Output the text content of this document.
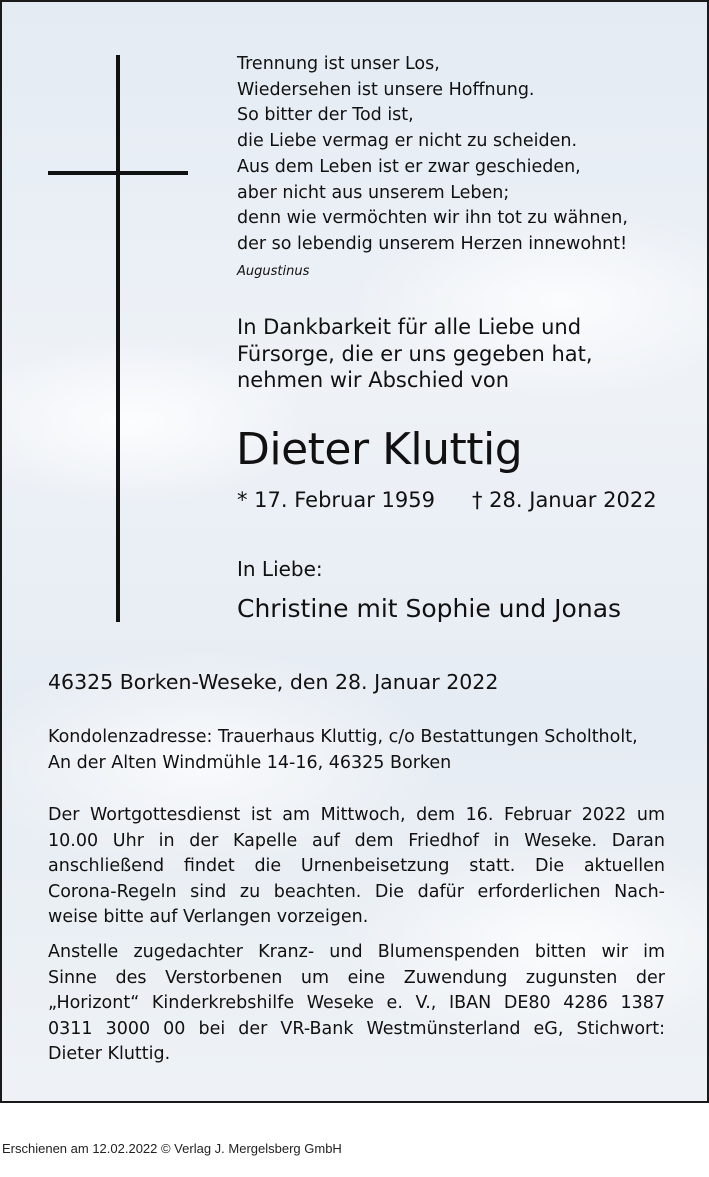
Trennung ist unser Los,
Wiedersehen ist unsere Hoffnung.
So bitter der Tod ist,
die Liebe vermag er nicht zu scheiden.
Aus dem Leben ist er zwar geschieden,
aber nicht aus unserem Leben;
denn wie vermöchten wir ihn tot zu wähnen,
der so lebendig unserem Herzen innewohnt!
Augustinus
In Dankbarkeit für alle Liebe und
Fürsorge, die er uns gegeben hat,
nehmen wir Abschied von
Dieter Kluttig
* 17. Februar 1959 † 28. Januar 2022
In Liebe:
Christine mit Sophie und Jonas
46325 Borken-Weseke, den 28. Januar 2022
Kondolenzadresse: Trauerhaus Kluttig, c/o Bestattungen Scholtholt,
An der Alten Windmühle 14-16, 46325 Borken
Der Wortgottesdienst ist am Mittwoch, dem 16. Februar 2022 um
10.00 Uhr in der Kapelle auf dem Friedhof in Weseke. Daran
anschließend findet die Urnenbeisetzung statt. Die aktuellen
Corona-Regeln sind zu beachten. Die dafür erforderlichen Nach-
weise bitte auf Verlangen vorzeigen.
Anstelle zugedachter Kranz- und Blumenspenden bitten wir im
Sinne des Verstorbenen um eine Zuwendung zugunsten der
„Horizont“ Kinderkrebshilfe Weseke e. V., IBAN DE80 4286 1387
0311 3000 00 bei der VR-Bank Westmünsterland eG, Stichwort:
Dieter Kluttig.
Erschienen am 12.02.2022 © Verlag J. Mergelsberg GmbH
